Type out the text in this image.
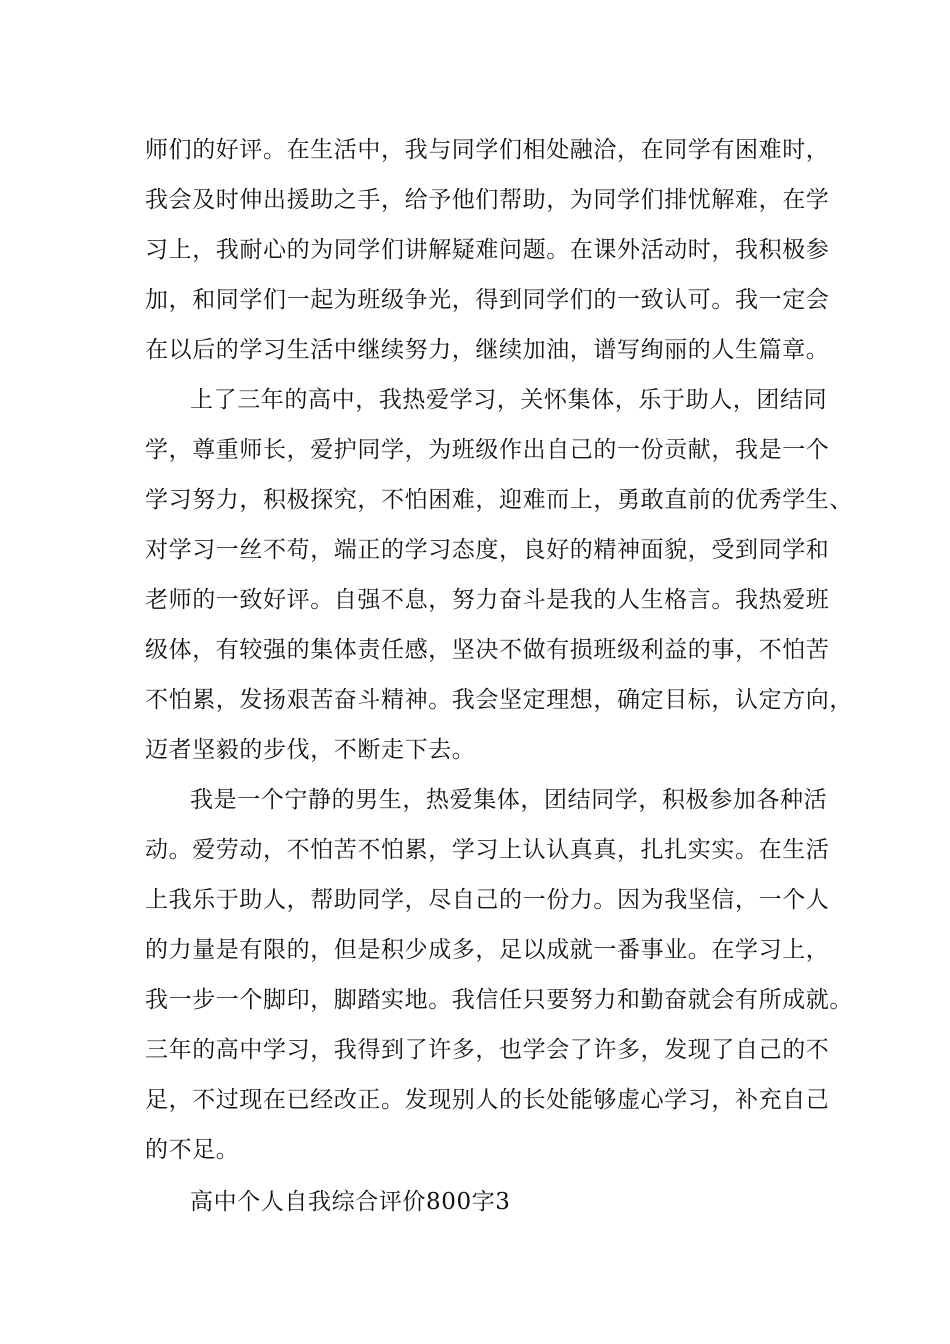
师们的好评。在生活中，我与同学们相处融洽，在同学有困难时，
我会及时伸出援助之手，给予他们帮助，为同学们排忧解难，在学
习上，我耐心的为同学们讲解疑难问题。在课外活动时，我积极参
加，和同学们一起为班级争光，得到同学们的一致认可。我一定会
在以后的学习生活中继续努力，继续加油，谱写绚丽的人生篇章。
上了三年的高中，我热爱学习，关怀集体，乐于助人，团结同
学，尊重师长，爱护同学，为班级作出自己的一份贡献，我是一个
学习努力，积极探究，不怕困难，迎难而上，勇敢直前的优秀学生、
对学习一丝不苟，端正的学习态度，良好的精神面貌，受到同学和
老师的一致好评。自强不息，努力奋斗是我的人生格言。我热爱班
级体，有较强的集体责任感，坚决不做有损班级利益的事，不怕苦
不怕累，发扬艰苦奋斗精神。我会坚定理想，确定目标，认定方向，
迈者坚毅的步伐，不断走下去。
我是一个宁静的男生，热爱集体，团结同学，积极参加各种活
动。爱劳动，不怕苦不怕累，学习上认认真真，扎扎实实。在生活
上我乐于助人，帮助同学，尽自己的一份力。因为我坚信，一个人
的力量是有限的，但是积少成多，足以成就一番事业。在学习上，
我一步一个脚印，脚踏实地。我信任只要努力和勤奋就会有所成就。
三年的高中学习，我得到了许多，也学会了许多，发现了自己的不
足，不过现在已经改正。发现别人的长处能够虚心学习，补充自己
的不足。
高中个人自我综合评价800字3
